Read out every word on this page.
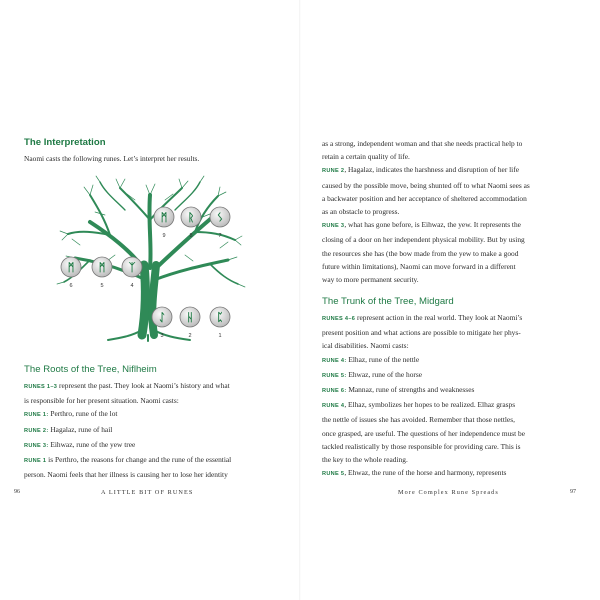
The Interpretation

Naomi casts the following runes. Let’s interpret her results.

ᛗ
9
ᚱ
8
ᛊ
7
ᛗ
6
ᛗ
5
ᛉ
4
ᛇ
3
ᚺ
2
ᛈ
1
The Roots of the Tree, Niflheim

RUNES 1–3 represent the past. They look at Naomi’s history and what

is responsible for her present situation. Naomi casts:

RUNE 1: Perthro, rune of the lot

RUNE 2: Hagalaz, rune of hail

RUNE 3: Eihwaz, rune of the yew tree

RUNE 1 is Perthro, the reasons for change and the rune of the essential

person. Naomi feels that her illness is causing her to lose her identity

96	A LITTLE BIT OF RUNES

as a strong, independent woman and that she needs practical help to

retain a certain quality of life.

RUNE 2, Hagalaz, indicates the harshness and disruption of her life

caused by the possible move, being shunted off to what Naomi sees as

a backwater position and her acceptance of sheltered accommodation

as an obstacle to progress.

RUNE 3, what has gone before, is Eihwaz, the yew. It represents the

closing of a door on her independent physical mobility. But by using

the resources she has (the bow made from the yew to make a good

future within limitations), Naomi can move forward in a different

way to more permanent security.

The Trunk of the Tree, Midgard

RUNES 4–6 represent action in the real world. They look at Naomi’s

present position and what actions are possible to mitigate her phys-

ical disabilities. Naomi casts:

RUNE 4: Elhaz, rune of the nettle

RUNE 5: Ehwaz, rune of the horse

RUNE 6: Mannaz, rune of strengths and weaknesses

RUNE 4, Elhaz, symbolizes her hopes to be realized. Elhaz grasps

the nettle of issues she has avoided. Remember that those nettles,

once grasped, are useful. The questions of her independence must be

tackled realistically by those responsible for providing care. This is

the key to the whole reading.

RUNE 5, Ehwaz, the rune of the horse and harmony, represents

More Complex Rune Spreads	97
